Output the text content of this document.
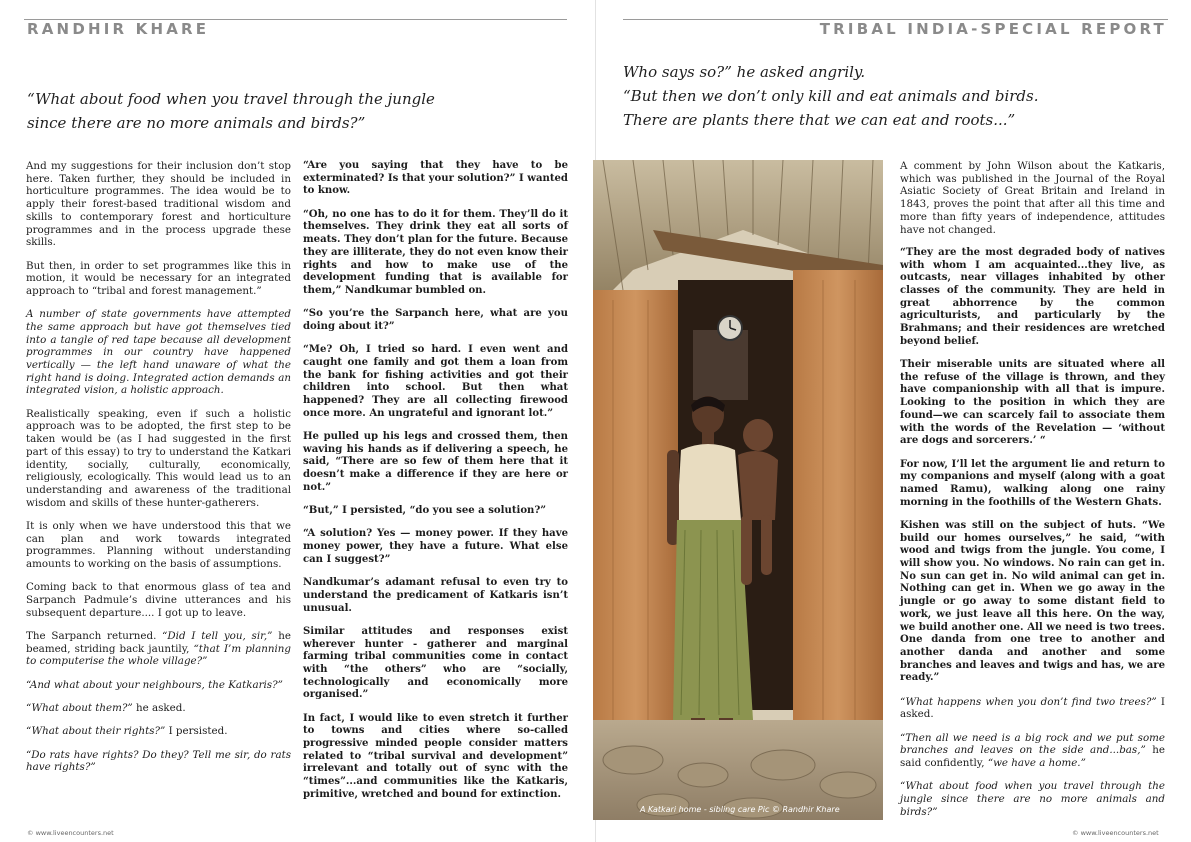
RANDHIR KHARE
“What about food when you travel through the jungle
since there are no more animals and birds?”

And my suggestions for their inclusion don’t stop here. Taken further, they should be included in horticulture programmes. The idea would be to apply their forest-based traditional wisdom and skills to contemporary forest and horticulture programmes and in the process upgrade these skills.

But then, in order to set programmes like this in motion, it would be necessary for an integrated approach to “tribal and forest management.”

A number of state governments have attempted the same approach but have got themselves tied into a tangle of red tape because all development programmes in our country have happened vertically — the left hand unaware of what the right hand is doing. Integrated action demands an integrated vision, a holistic approach.

Realistically speaking, even if such a holistic approach was to be adopted, the first step to be taken would be (as I had suggested in the first part of this essay) to try to understand the Katkari identity, socially, culturally, economically, religiously, ecologically. This would lead us to an understanding and awareness of the traditional wisdom and skills of these hunter-gatherers.

It is only when we have understood this that we can plan and work towards integrated programmes. Planning without understanding amounts to working on the basis of assumptions.

Coming back to that enormous glass of tea and Sarpanch Padmule’s divine utterances and his subsequent departure.... I got up to leave.

The Sarpanch returned. “Did I tell you, sir,” he beamed, striding back jauntily, “that I’m planning to computerise the whole village?”

“And what about your neighbours, the Katkaris?”

“What about them?” he asked.

“What about their rights?” I persisted.

“Do rats have rights? Do they? Tell me sir, do rats have rights?”

“Are you saying that they have to be exterminated? Is that your solution?” I wanted to know.

“Oh, no one has to do it for them. They’ll do it themselves. They drink they eat all sorts of meats. They don’t plan for the future. Because they are illiterate, they do not even know their rights and how to make use of the development funding that is available for them,” Nandkumar bumbled on.

“So you’re the Sarpanch here, what are you doing about it?”

“Me? Oh, I tried so hard. I even went and caught one family and got them a loan from the bank for fishing activities and got their children into school. But then what happened? They are all collecting firewood once more. An ungrateful and ignorant lot.”

He pulled up his legs and crossed them, then waving his hands as if delivering a speech, he said, “There are so few of them here that it doesn’t make a difference if they are here or not.”

“But,” I persisted, “do you see a solution?”

“A solution? Yes — money power. If they have money power, they have a future. What else can I suggest?”

Nandkumar’s adamant refusal to even try to understand the predicament of Katkaris isn’t unusual.

Similar attitudes and responses exist wherever hunter - gatherer and marginal farming tribal communities come in contact with “the others” who are “socially, technologically and economically more organised.”

In fact, I would like to even stretch it further to towns and cities where so-called progressive minded people consider matters related to “tribal survival and development” irrelevant and totally out of sync with the “times”...and communities like the Katkaris, primitive, wretched and bound for extinction.

© www.liveencounters.net
TRIBAL INDIA-SPECIAL REPORT
Who says so?” he asked angrily.
“But then we don’t only kill and eat animals and birds.
There are plants there that we can eat and roots...”
A Katkari home - sibling care Pic © Randhir Khare

A comment by John Wilson about the Katkaris, which was published in the Journal of the Royal Asiatic Society of Great Britain and Ireland in 1843, proves the point that after all this time and more than fifty years of independence, attitudes have not changed.

“They are the most degraded body of natives with whom I am acquainted...they live, as outcasts, near villages inhabited by other classes of the community. They are held in great abhorrence by the common agriculturists, and particularly by the Brahmans; and their residences are wretched beyond belief.

Their miserable units are situated where all the refuse of the village is thrown, and they have companionship with all that is impure. Looking to the position in which they are found—we can scarcely fail to associate them with the words of the Revelation — ‘without are dogs and sorcerers.’ “

For now, I’ll let the argument lie and return to my companions and myself (along with a goat named Ramu), walking along one rainy morning in the foothills of the Western Ghats.

Kishen was still on the subject of huts. “We build our homes ourselves,” he said, “with wood and twigs from the jungle. You come, I will show you. No windows. No rain can get in. No sun can get in. No wild animal can get in. Nothing can get in. When we go away in the jungle or go away to some distant field to work, we just leave all this here. On the way, we build another one. All we need is two trees. One danda from one tree to another and another danda and another and some branches and leaves and twigs and has, we are ready.”

“What happens when you don’t find two trees?” I asked.

“Then all we need is a big rock and we put some branches and leaves on the side and...bas,” he said confidently, “we have a home.”

“What about food when you travel through the jungle since there are no more animals and birds?”

© www.liveencounters.net
